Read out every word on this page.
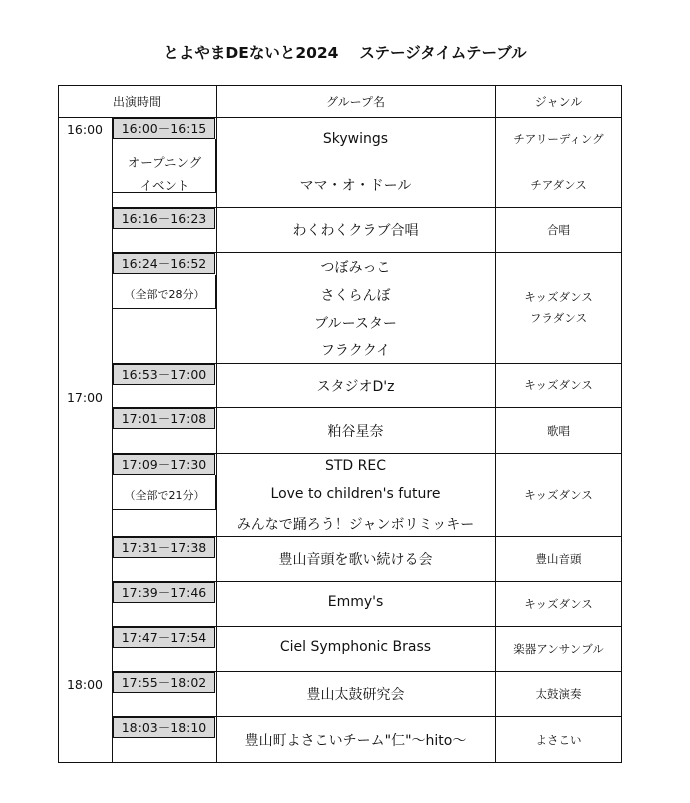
とよやまDEないと2024　 ステージタイムテーブル
出演時間	グループ名	ジャンル
16:00
17:00
18:00
16:00－16:15
16:16－16:23
16:24－16:52
16:53－17:00
17:01－17:08
17:09－17:30
17:31－17:38
17:39－17:46
17:47－17:54
17:55－18:02
18:03－18:10
オープニング
イベント
（全部で28分）
（全部で21分）
Skywings
ママ・オ・ドール
わくわくクラブ合唱
つぼみっこ
さくらんぼ
ブルースター
フラククイ
スタジオD'z
粕谷星奈
STD REC
Love to children's future
みんなで踊ろう！ジャンボリミッキー
豊山音頭を歌い続ける会
Emmy's
Ciel Symphonic Brass
豊山太鼓研究会
豊山町よさこいチーム"仁"～hito～
チアリーディング
チアダンス
合唱
キッズダンス
フラダンス
キッズダンス
歌唱
キッズダンス
豊山音頭
キッズダンス
楽器アンサンブル
太鼓演奏
よさこい
